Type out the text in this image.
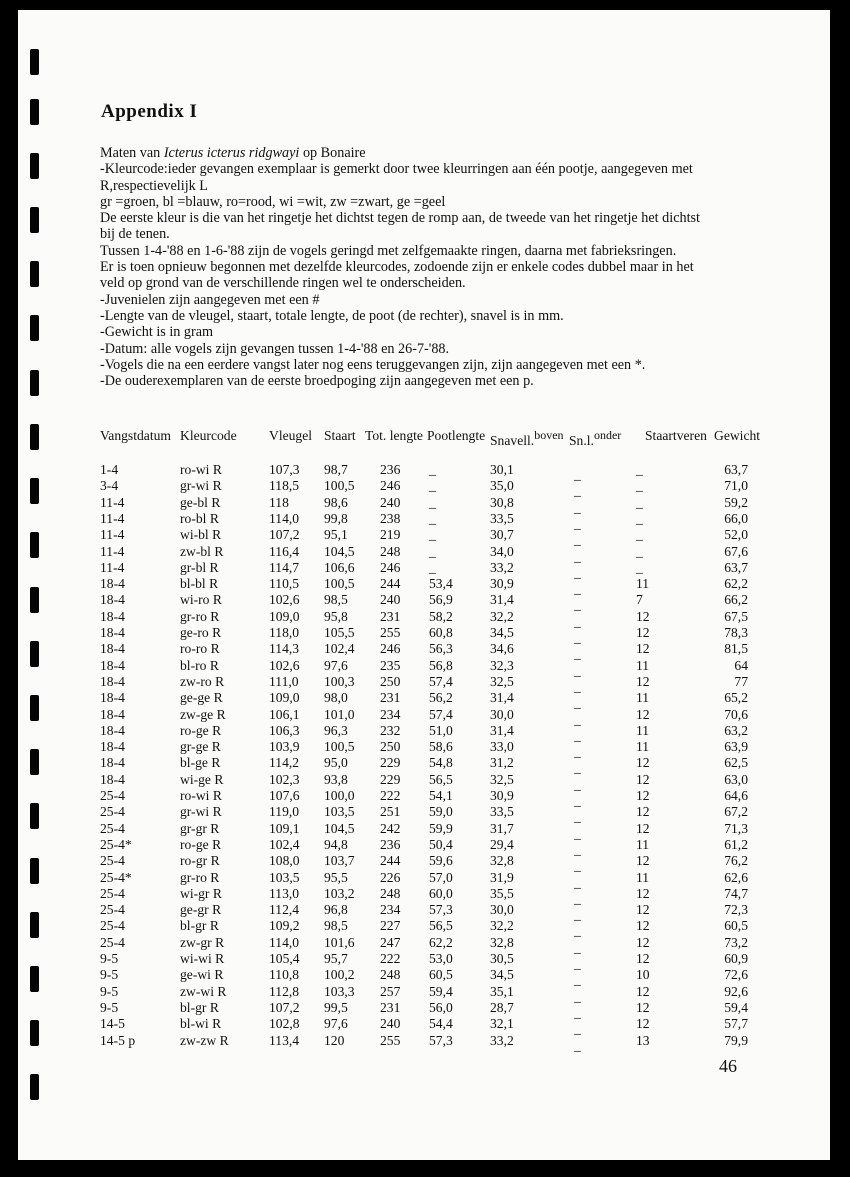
Appendix I
Maten van Icterus icterus ridgwayi op Bonaire
-Kleurcode:ieder gevangen exemplaar is gemerkt door twee kleurringen aan één pootje, aangegeven met
R,respectievelijk L
gr =groen, bl =blauw, ro=rood, wi =wit, zw =zwart, ge =geel
De eerste kleur is die van het ringetje het dichtst tegen de romp aan, de tweede van het ringetje het dichtst
bij de tenen.
Tussen 1-4-'88 en 1-6-'88 zijn de vogels geringd met zelfgemaakte ringen, daarna met fabrieksringen.
Er is toen opnieuw begonnen met dezelfde kleurcodes, zodoende zijn er enkele codes dubbel maar in het
veld op grond van de verschillende ringen wel te onderscheiden.
-Juvenielen zijn aangegeven met een #
-Lengte van de vleugel, staart, totale lengte, de poot (de rechter), snavel is in mm.
-Gewicht is in gram
-Datum: alle vogels zijn gevangen tussen 1-4-'88 en 26-7-'88.
-Vogels die na een eerdere vangst later nog eens teruggevangen zijn, zijn aangegeven met een *.
-De ouderexemplaren van de eerste broedpoging zijn aangegeven met een p.
Vangstdatum Kleurcode Vleugel Staart Tot. lengte Pootlengte Snavell.$^{boven}$ Sn.l.$^{onder}$ Staartveren Gewicht
1-4	ro-wi R	107,3 98,7 236 _	30,1	_	_	63,7
3-4	gr-wi R	118,5 100,5 246 _	35,0	_	_	71,0
11-4	ge-bl R	118	98,6 240 _	30,8	_	_	59,2
11-4	ro-bl R	114,0 99,8 238 _	33,5	_	_	66,0
11-4	wi-bl R	107,2 95,1 219 _	30,7	_	_	52,0
11-4	zw-bl R	116,4 104,5 248 _	34,0	_	_	67,6
11-4	gr-bl R	114,7 106,6 246 _	33,2	_	_	63,7
18-4	bl-bl R	110,5 100,5 244 53,4	30,9	_	11	62,2
18-4	wi-ro R	102,6 98,5 240 56,9	31,4	_	7	66,2
18-4	gr-ro R	109,0 95,8 231 58,2	32,2	_	12	67,5
18-4	ge-ro R	118,0 105,5 255 60,8	34,5	_	12	78,3
18-4	ro-ro R	114,3 102,4 246 56,3	34,6	_	12	81,5
18-4	bl-ro R	102,6 97,6 235 56,8	32,3	_	11	64
18-4	zw-ro R	111,0 100,3 250 57,4	32,5	_	12	77
18-4	ge-ge R	109,0 98,0 231 56,2	31,4	_	11	65,2
18-4	zw-ge R	106,1 101,0 234 57,4	30,0	_	12	70,6
18-4	ro-ge R	106,3 96,3 232 51,0	31,4	_	11	63,2
18-4	gr-ge R	103,9 100,5 250 58,6	33,0	_	11	63,9
18-4	bl-ge R	114,2 95,0 229 54,8	31,2	_	12	62,5
18-4	wi-ge R	102,3 93,8 229 56,5	32,5	_	12	63,0
25-4	ro-wi R	107,6 100,0 222 54,1	30,9	_	12	64,6
25-4	gr-wi R	119,0 103,5 251 59,0	33,5	_	12	67,2
25-4	gr-gr R	109,1 104,5 242 59,9	31,7	_	12	71,3
25-4*	ro-ge R	102,4 94,8 236 50,4	29,4	_	11	61,2
25-4	ro-gr R	108,0 103,7 244 59,6	32,8	_	12	76,2
25-4*	gr-ro R	103,5 95,5 226 57,0	31,9	_	11	62,6
25-4	wi-gr R	113,0 103,2 248 60,0	35,5	_	12	74,7
25-4	ge-gr R	112,4 96,8 234 57,3	30,0	_	12	72,3
25-4	bl-gr R	109,2 98,5 227 56,5	32,2	_	12	60,5
25-4	zw-gr R	114,0 101,6 247 62,2	32,8	_	12	73,2
9-5	wi-wi R	105,4 95,7 222 53,0	30,5	_	12	60,9
9-5	ge-wi R	110,8 100,2 248 60,5	34,5	_	10	72,6
9-5	zw-wi R	112,8 103,3 257 59,4	35,1	_	12	92,6
9-5	bl-gr R	107,2 99,5 231 56,0	28,7	_	12	59,4
14-5	bl-wi R	102,8 97,6 240 54,4	32,1	_	12	57,7
14-5 p	zw-zw R	113,4 120	255 57,3	33,2	_	13	79,9
46
